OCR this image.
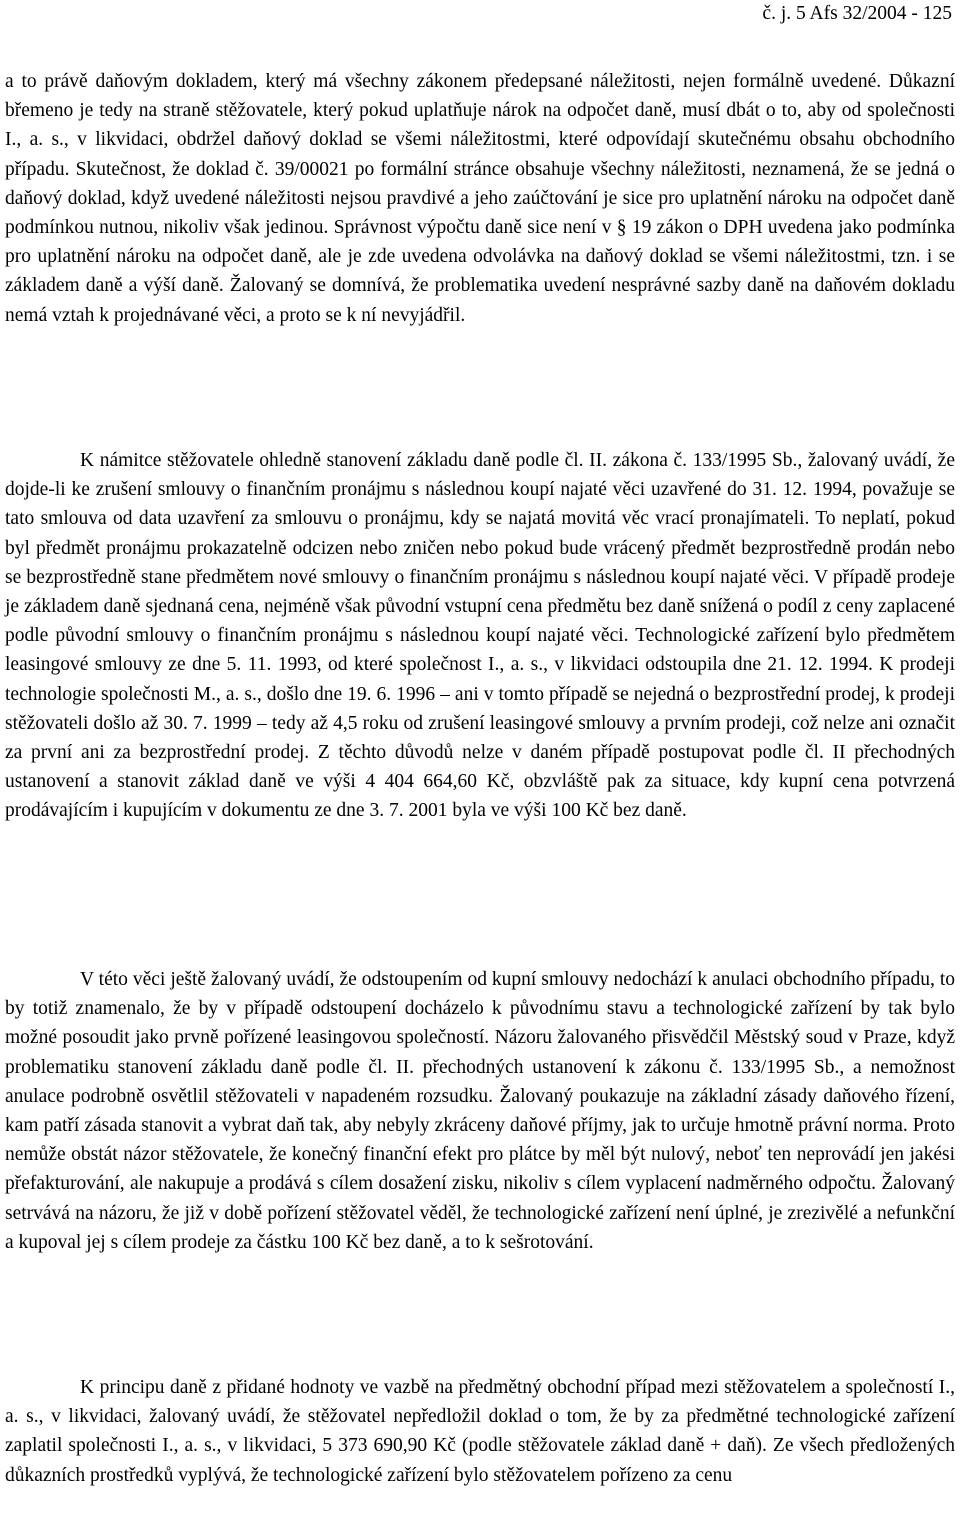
č. j. 5 Afs 32/2004 - 125

a to právě daňovým dokladem, který má všechny zákonem předepsané náležitosti, nejen formálně uvedené. Důkazní břemeno je tedy na straně stěžovatele, který pokud uplatňuje nárok na odpočet daně, musí dbát o to, aby od společnosti I., a. s., v likvidaci, obdržel daňový doklad se všemi náležitostmi, které odpovídají skutečnému obsahu obchodního případu. Skutečnost, že doklad č. 39/00021 po formální stránce obsahuje všechny náležitosti, neznamená, že se jedná o daňový doklad, když uvedené náležitosti nejsou pravdivé a jeho zaúčtování je sice pro uplatnění nároku na odpočet daně podmínkou nutnou, nikoliv však jedinou. Správnost výpočtu daně sice není v § 19 zákon o DPH uvedena jako podmínka pro uplatnění nároku na odpočet daně, ale je zde uvedena odvolávka na daňový doklad se všemi náležitostmi, tzn. i se základem daně a výší daně. Žalovaný se domnívá, že problematika uvedení nesprávné sazby daně na daňovém dokladu nemá vztah k projednávané věci, a proto se k ní nevyjádřil.

K námitce stěžovatele ohledně stanovení základu daně podle čl. II. zákona č. 133/1995 Sb., žalovaný uvádí, že dojde-li ke zrušení smlouvy o finančním pronájmu s následnou koupí najaté věci uzavřené do 31. 12. 1994, považuje se tato smlouva od data uzavření za smlouvu o pronájmu, kdy se najatá movitá věc vrací pronajímateli. To neplatí, pokud byl předmět pronájmu prokazatelně odcizen nebo zničen nebo pokud bude vrácený předmět bezprostředně prodán nebo se bezprostředně stane předmětem nové smlouvy o finančním pronájmu s následnou koupí najaté věci. V případě prodeje je základem daně sjednaná cena, nejméně však původní vstupní cena předmětu bez daně snížená o podíl z ceny zaplacené podle původní smlouvy o finančním pronájmu s následnou koupí najaté věci. Technologické zařízení bylo předmětem leasingové smlouvy ze dne 5. 11. 1993, od které společnost I., a. s., v likvidaci odstoupila dne 21. 12. 1994. K prodeji technologie společnosti M., a. s., došlo dne 19. 6. 1996 – ani v tomto případě se nejedná o bezprostřední prodej, k prodeji stěžovateli došlo až 30. 7. 1999 – tedy až 4,5 roku od zrušení leasingové smlouvy a prvním prodeji, což nelze ani označit za první ani za bezprostřední prodej. Z těchto důvodů nelze v daném případě postupovat podle čl. II přechodných ustanovení a stanovit základ daně ve výši 4 404 664,60 Kč, obzvláště pak za situace, kdy kupní cena potvrzená prodávajícím i kupujícím v dokumentu ze dne 3. 7. 2001 byla ve výši 100 Kč bez daně.

V této věci ještě žalovaný uvádí, že odstoupením od kupní smlouvy nedochází k anulaci obchodního případu, to by totiž znamenalo, že by v případě odstoupení docházelo k původnímu stavu a technologické zařízení by tak bylo možné posoudit jako prvně pořízené leasingovou společností. Názoru žalovaného přisvědčil Městský soud v Praze, když problematiku stanovení základu daně podle čl. II. přechodných ustanovení k zákonu č. 133/1995 Sb., a nemožnost anulace podrobně osvětlil stěžovateli v napadeném rozsudku. Žalovaný poukazuje na základní zásady daňového řízení, kam patří zásada stanovit a vybrat daň tak, aby nebyly zkráceny daňové příjmy, jak to určuje hmotně právní norma. Proto nemůže obstát názor stěžovatele, že konečný finanční efekt pro plátce by měl být nulový, neboť ten neprovádí jen jakési přefakturování, ale nakupuje a prodává s cílem dosažení zisku, nikoliv s cílem vyplacení nadměrného odpočtu. Žalovaný setrvává na názoru, že již v době pořízení stěžovatel věděl, že technologické zařízení není úplné, je zrezivělé a nefunkční a kupoval jej s cílem prodeje za částku 100 Kč bez daně, a to k sešrotování.

K principu daně z přidané hodnoty ve vazbě na předmětný obchodní případ mezi stěžovatelem a společností I., a. s., v likvidaci, žalovaný uvádí, že stěžovatel nepředložil doklad o tom, že by za předmětné technologické zařízení zaplatil společnosti I., a. s., v likvidaci, 5 373 690,90 Kč (podle stěžovatele základ daně + daň). Ze všech předložených důkazních prostředků vyplývá, že technologické zařízení bylo stěžovatelem pořízeno za cenu
